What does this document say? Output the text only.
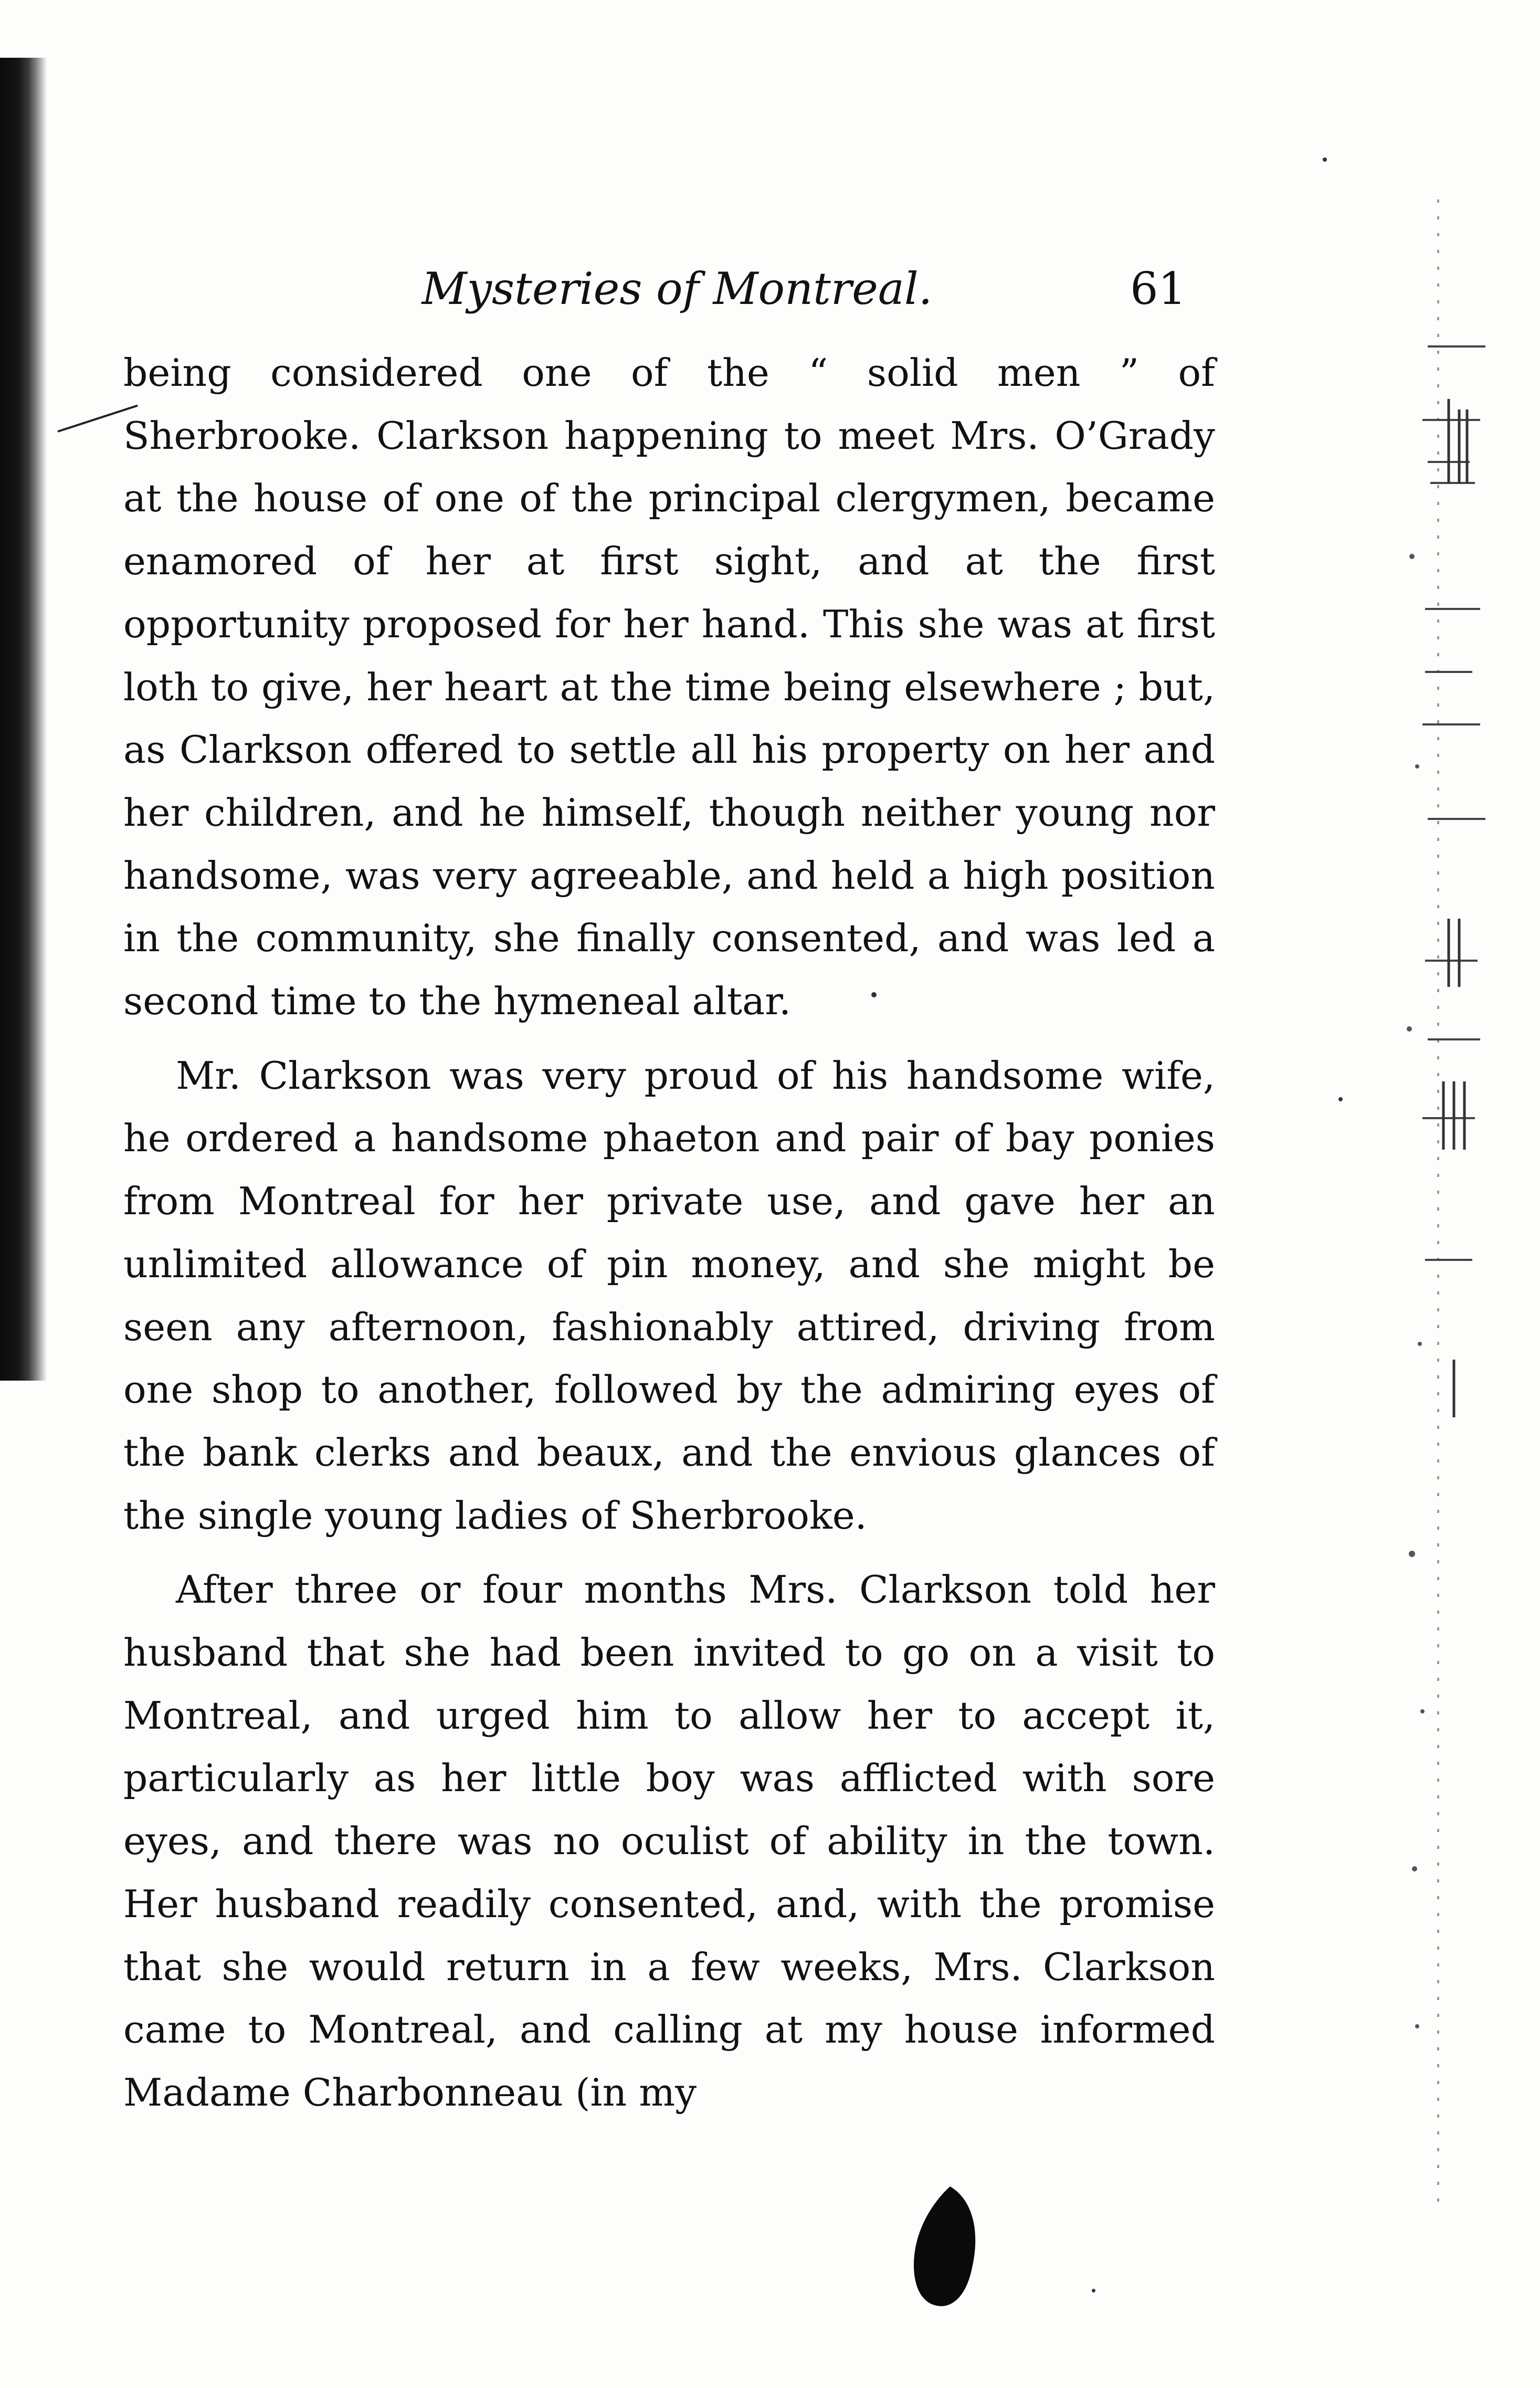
Mysteries of Montreal.	61

being considered one of the “ solid men ” of Sherbrooke. Clarkson happening to meet Mrs. O’Grady at the house of one of the principal clergymen, became enamored of her at first sight, and at the first opportunity proposed for her hand. This she was at first loth to give, her heart at the time being elsewhere ; but, as Clarkson offered to settle all his property on her and her children, and he himself, though neither young nor handsome, was very agreeable, and held a high position in the community, she finally consented, and was led a second time to the hymeneal altar.

Mr. Clarkson was very proud of his handsome wife, he ordered a handsome phaeton and pair of bay ponies from Montreal for her private use, and gave her an unlimited allowance of pin money, and she might be seen any afternoon, fashionably attired, driving from one shop to another, followed by the admiring eyes of the bank clerks and beaux, and the envious glances of the single young ladies of Sherbrooke.

After three or four months Mrs. Clarkson told her husband that she had been invited to go on a visit to Montreal, and urged him to allow her to accept it, particularly as her little boy was afflicted with sore eyes, and there was no oculist of ability in the town. Her husband readily consented, and, with the promise that she would return in a few weeks, Mrs. Clarkson came to Montreal, and calling at my house informed Madame Charbonneau (in my
